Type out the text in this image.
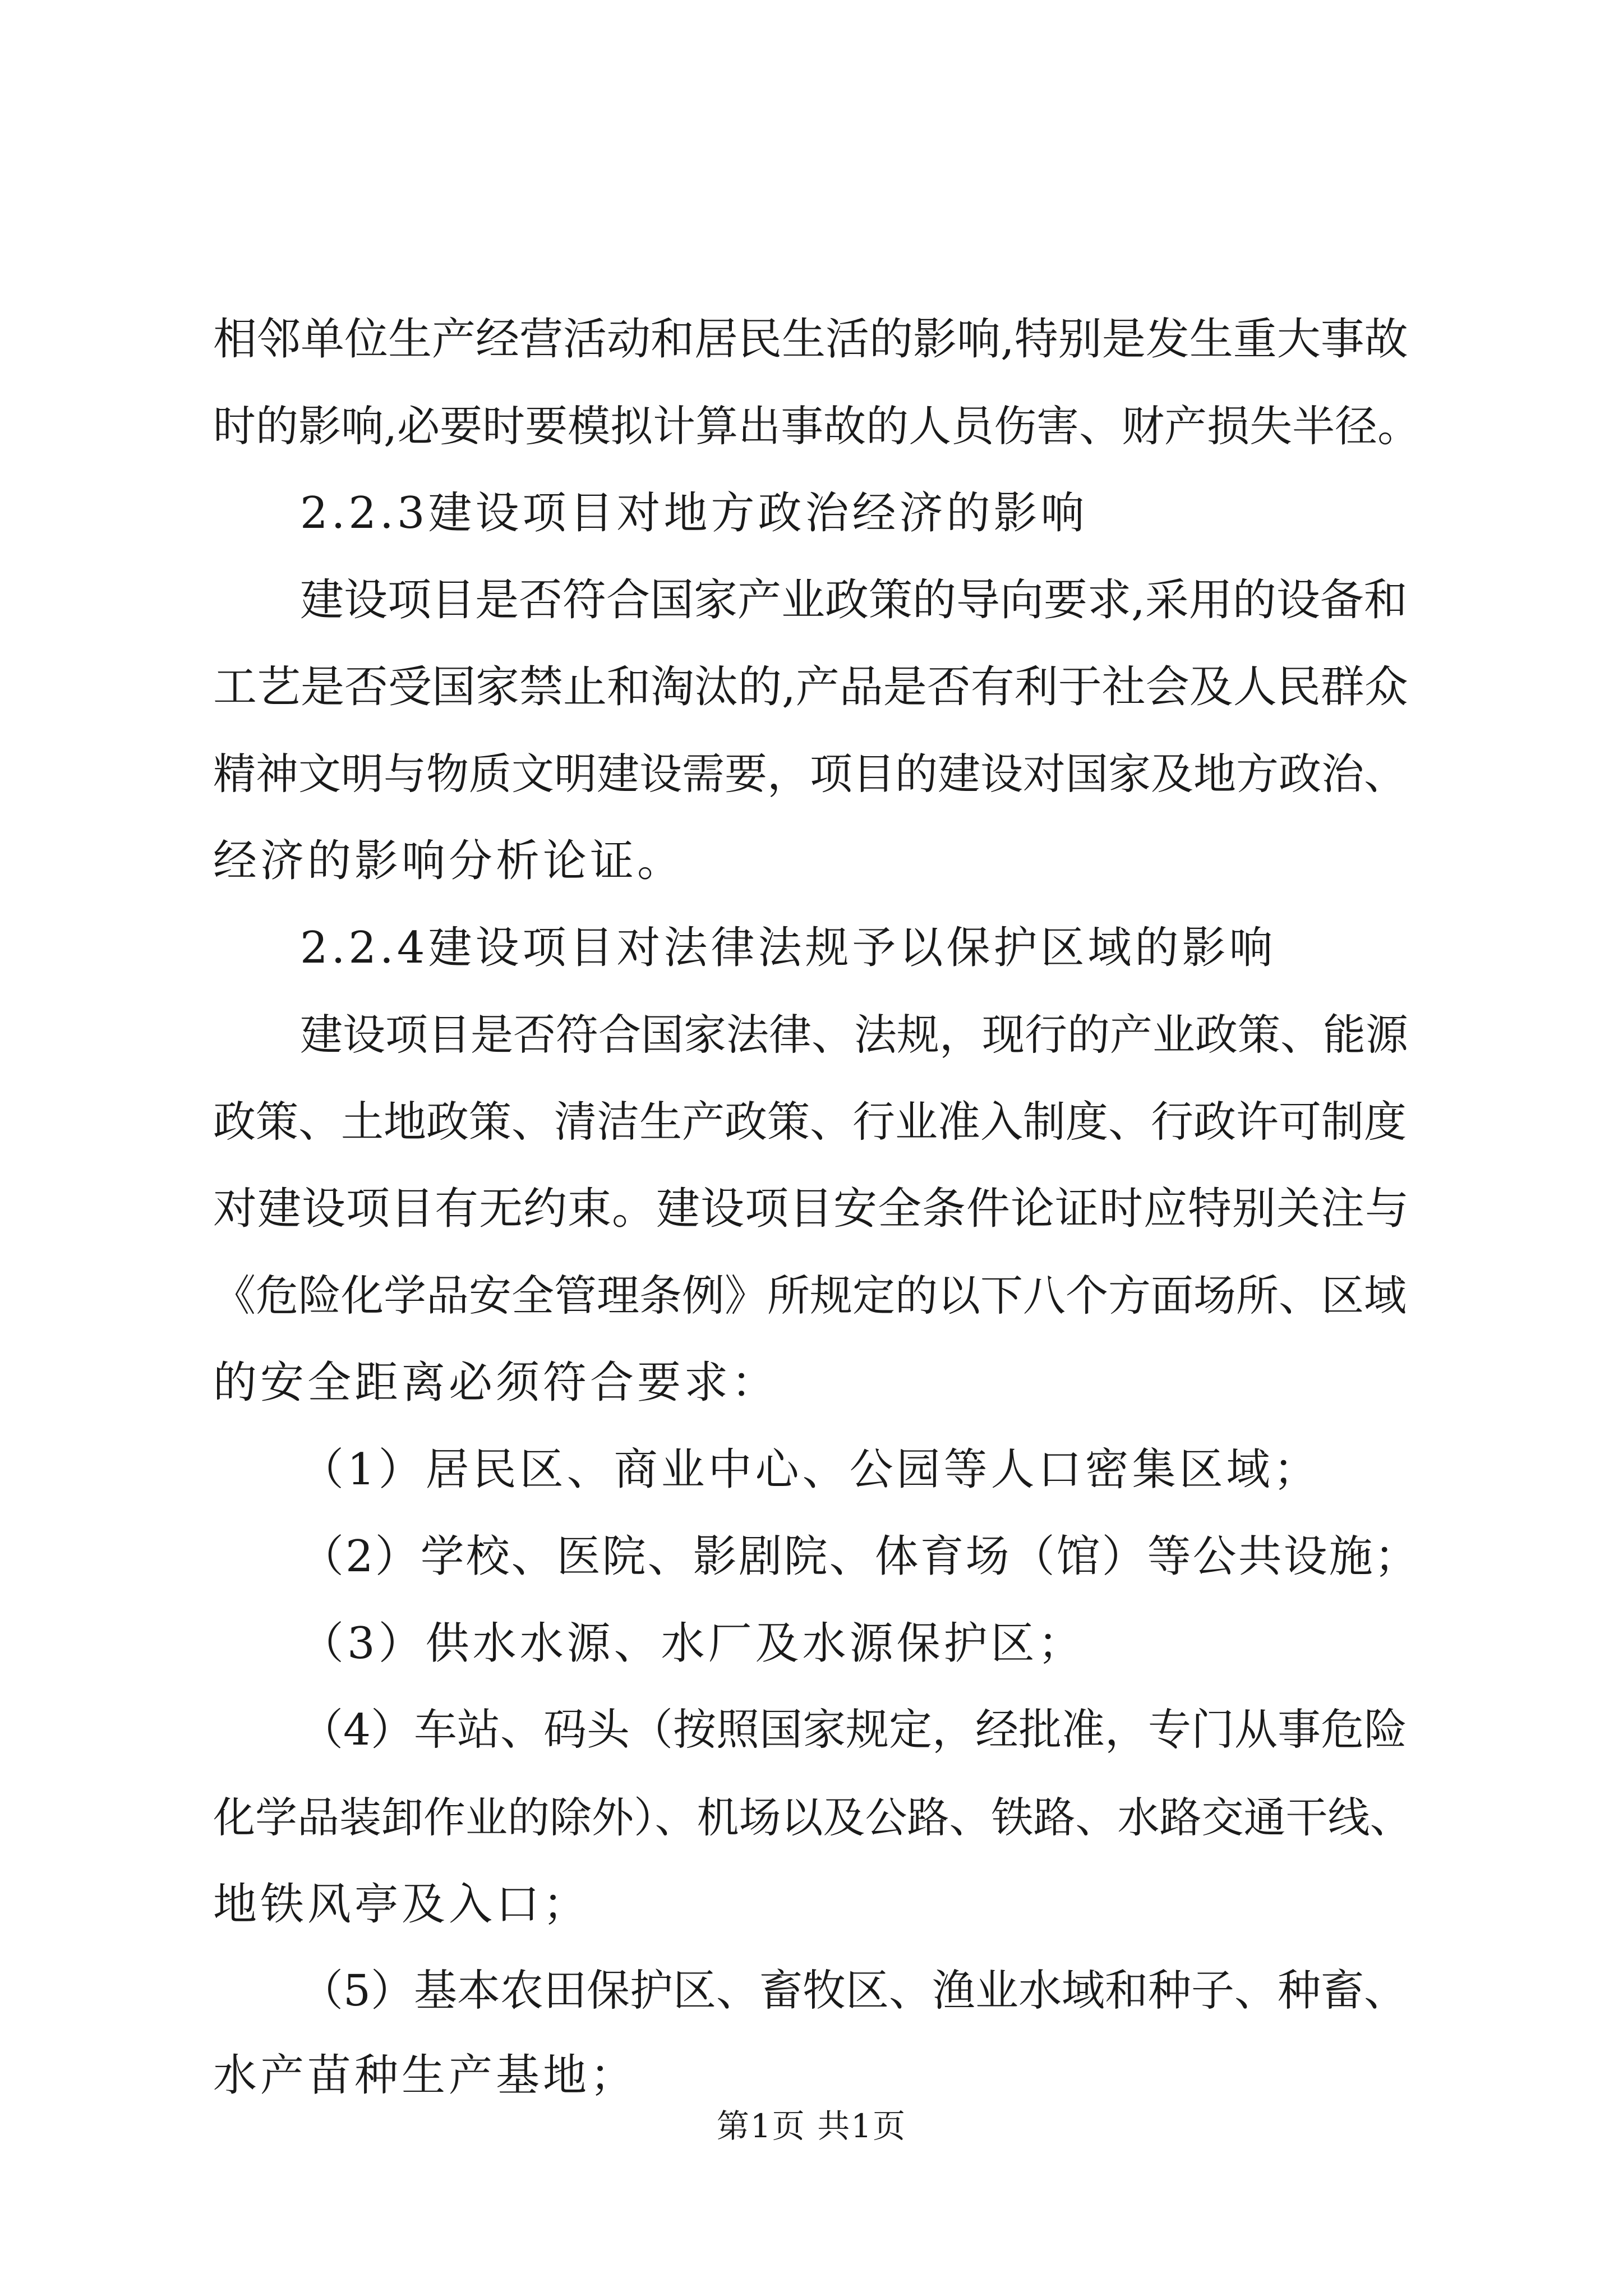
相邻单位生产经营活动和居民生活的影响,特别是发生重大事故
时的影响,必要时要模拟计算出事故的人员伤害、财产损失半径。
2.2.3建设项目对地方政治经济的影响
建设项目是否符合国家产业政策的导向要求,采用的设备和
工艺是否受国家禁止和淘汰的,产品是否有利于社会及人民群众
精神文明与物质文明建设需要，项目的建设对国家及地方政治、
经济的影响分析论证。
2.2.4建设项目对法律法规予以保护区域的影响
建设项目是否符合国家法律、法规，现行的产业政策、能源
政策、土地政策、清洁生产政策、行业准入制度、行政许可制度
对建设项目有无约束。建设项目安全条件论证时应特别关注与
《危险化学品安全管理条例》所规定的以下八个方面场所、区域
的安全距离必须符合要求：
（1）居民区、商业中心、公园等人口密集区域；
（2）学校、医院、影剧院、体育场（馆）等公共设施；
（3）供水水源、水厂及水源保护区；
（4）车站、码头（按照国家规定，经批准，专门从事危险
化学品装卸作业的除外）、机场以及公路、铁路、水路交通干线、
地铁风亭及入口；
（5）基本农田保护区、畜牧区、渔业水域和种子、种畜、
水产苗种生产基地；
第1页 共1页
